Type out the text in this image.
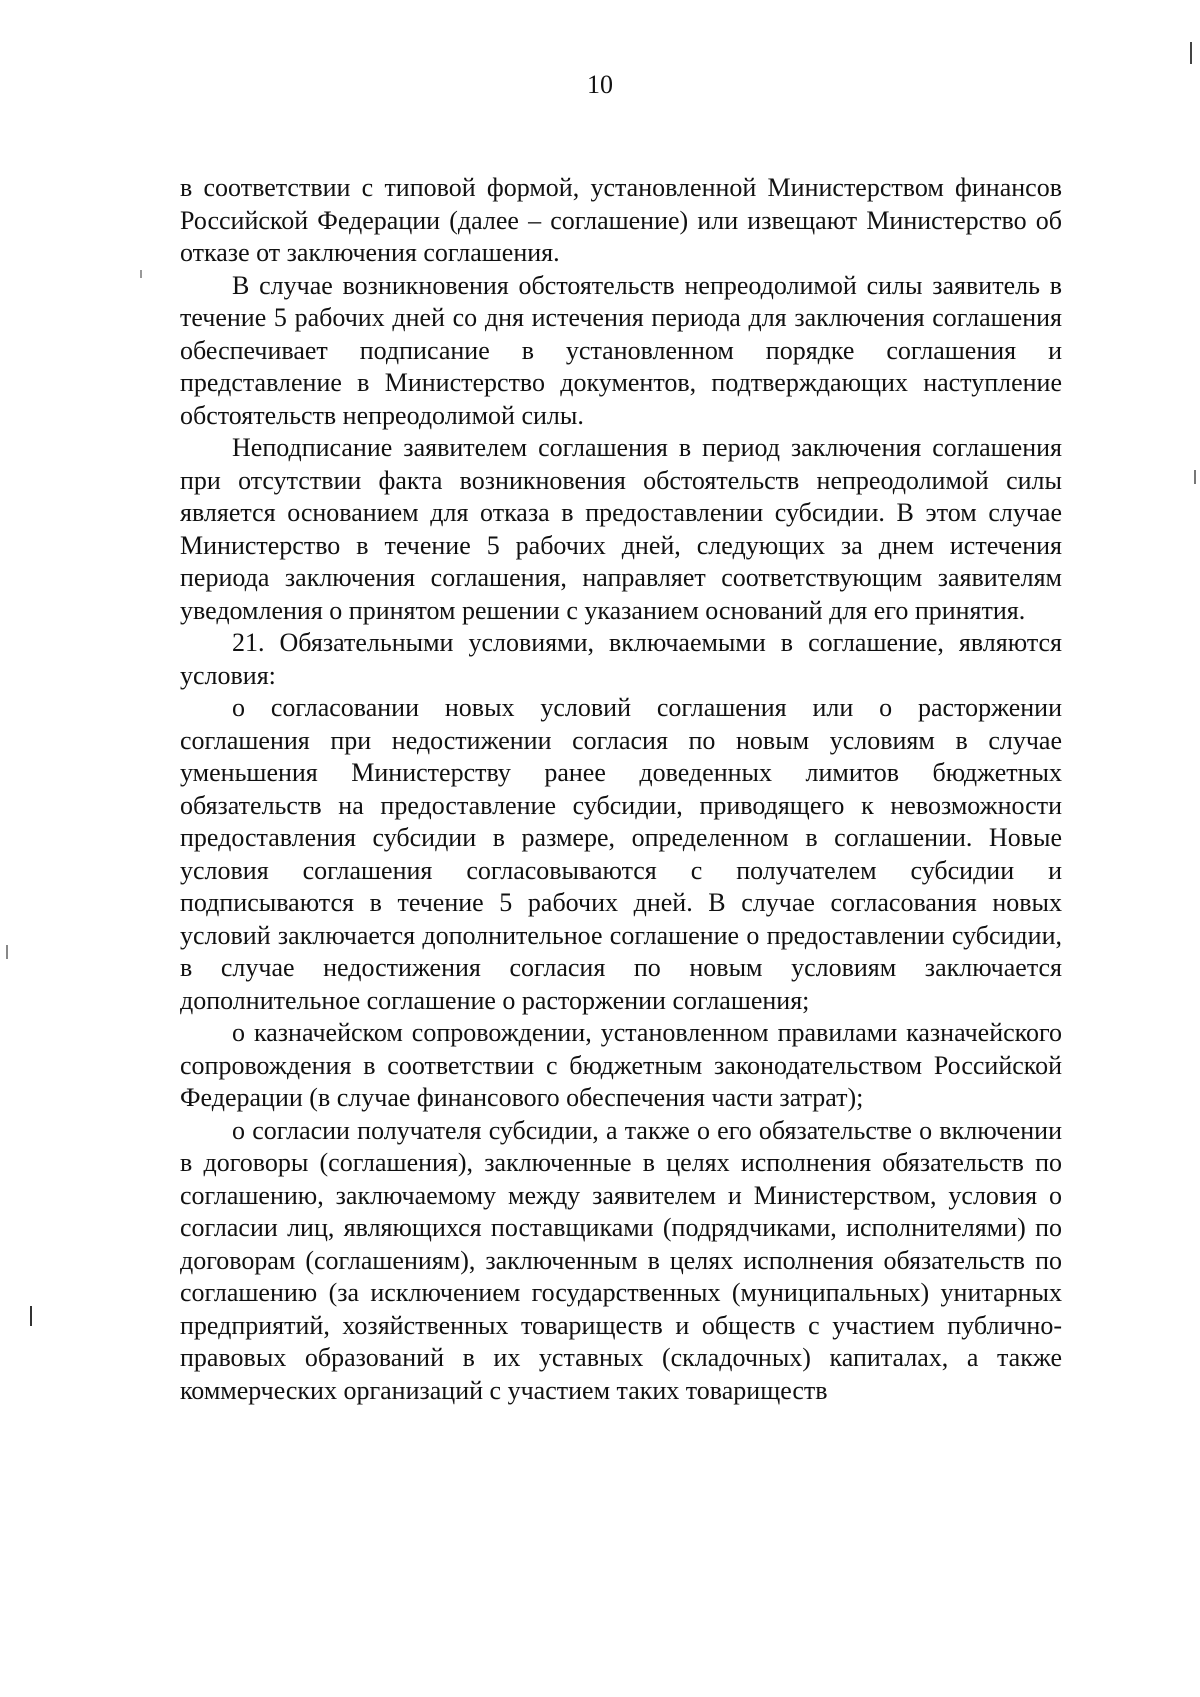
10

в соответствии с типовой формой, установленной Министерством финансов Российской Федерации (далее – соглашение) или извещают Министерство об отказе от заключения соглашения.

В случае возникновения обстоятельств непреодолимой силы заявитель в течение 5 рабочих дней со дня истечения периода для заключения соглашения обеспечивает подписание в установленном порядке соглашения и представление в Министерство документов, подтверждающих наступление обстоятельств непреодолимой силы.

Неподписание заявителем соглашения в период заключения соглашения при отсутствии факта возникновения обстоятельств непреодолимой силы является основанием для отказа в предоставлении субсидии. В этом случае Министерство в течение 5 рабочих дней, следующих за днем истечения периода заключения соглашения, направляет соответствующим заявителям уведомления о принятом решении с указанием оснований для его принятия.

21. Обязательными условиями, включаемыми в соглашение, являются условия:

о согласовании новых условий соглашения или о расторжении соглашения при недостижении согласия по новым условиям в случае уменьшения Министерству ранее доведенных лимитов бюджетных обязательств на предоставление субсидии, приводящего к невозможности предоставления субсидии в размере, определенном в соглашении. Новые условия соглашения согласовываются с получателем субсидии и подписываются в течение 5 рабочих дней. В случае согласования новых условий заключается дополнительное соглашение о предоставлении субсидии, в случае недостижения согласия по новым условиям заключается дополнительное соглашение о расторжении соглашения;

о казначейском сопровождении, установленном правилами казначейского сопровождения в соответствии с бюджетным законодательством Российской Федерации (в случае финансового обеспечения части затрат);

о согласии получателя субсидии, а также о его обязательстве о включении в договоры (соглашения), заключенные в целях исполнения обязательств по соглашению, заключаемому между заявителем и Министерством, условия о согласии лиц, являющихся поставщиками (подрядчиками, исполнителями) по договорам (соглашениям), заключенным в целях исполнения обязательств по соглашению (за исключением государственных (муниципальных) унитарных предприятий, хозяйственных товариществ и обществ с участием публично-правовых образований в их уставных (складочных) капиталах, а также коммерческих организаций с участием таких товариществ
